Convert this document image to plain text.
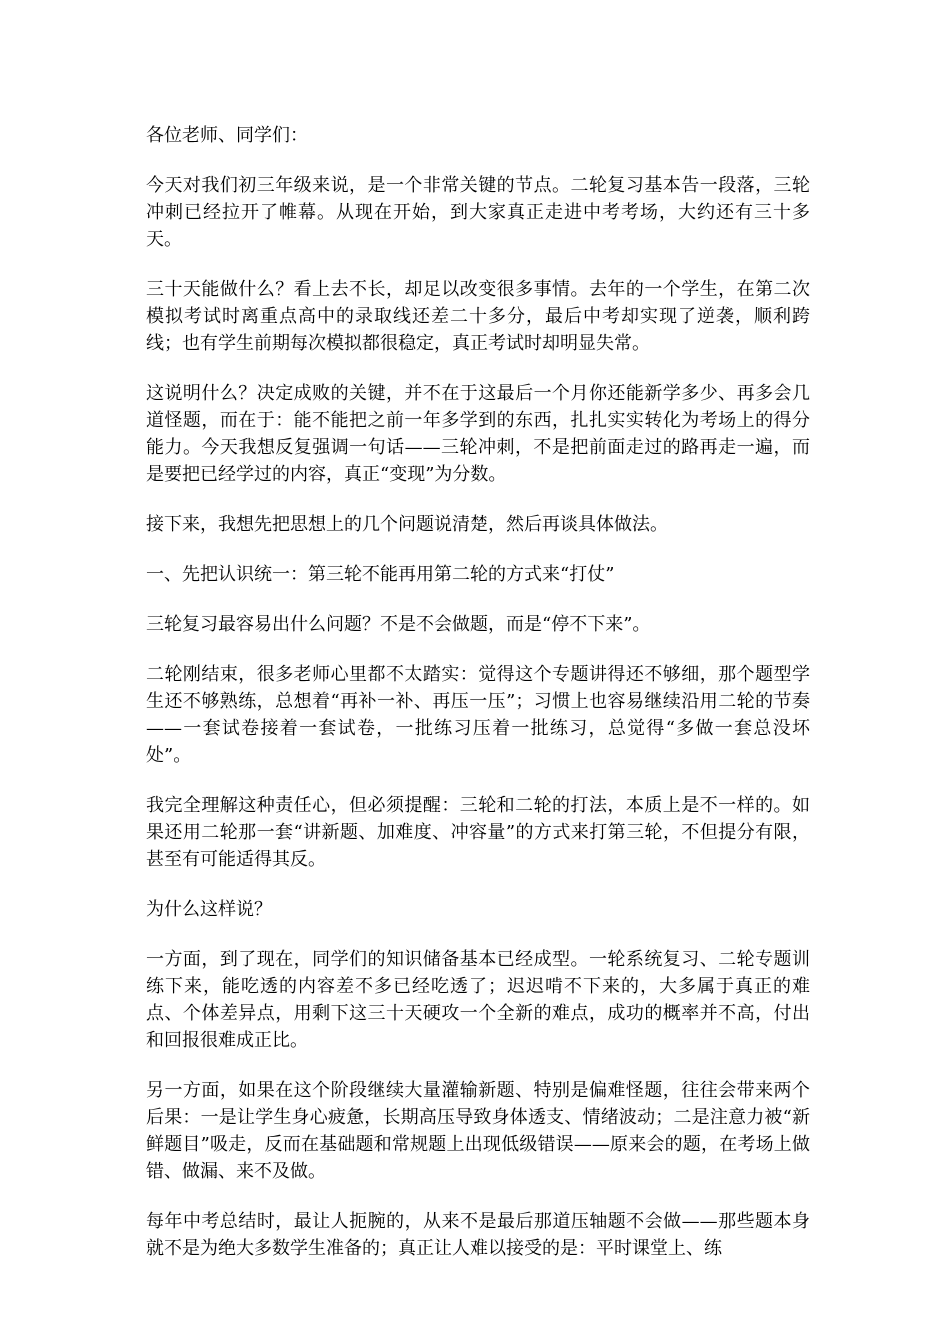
各位老师、同学们：

今天对我们初三年级来说，是一个非常关键的节点。二轮复习基本告一段落，三轮冲刺已经拉开了帷幕。从现在开始，到大家真正走进中考考场，大约还有三十多天。

三十天能做什么？看上去不长，却足以改变很多事情。去年的一个学生，在第二次模拟考试时离重点高中的录取线还差二十多分，最后中考却实现了逆袭，顺利跨线；也有学生前期每次模拟都很稳定，真正考试时却明显失常。

这说明什么？决定成败的关键，并不在于这最后一个月你还能新学多少、再多会几道怪题，而在于：能不能把之前一年多学到的东西，扎扎实实转化为考场上的得分能力。今天我想反复强调一句话——三轮冲刺，不是把前面走过的路再走一遍，而是要把已经学过的内容，真正“变现”为分数。

接下来，我想先把思想上的几个问题说清楚，然后再谈具体做法。

一、先把认识统一：第三轮不能再用第二轮的方式来“打仗”

三轮复习最容易出什么问题？不是不会做题，而是“停不下来”。

二轮刚结束，很多老师心里都不太踏实：觉得这个专题讲得还不够细，那个题型学生还不够熟练，总想着“再补一补、再压一压”；习惯上也容易继续沿用二轮的节奏——一套试卷接着一套试卷，一批练习压着一批练习，总觉得“多做一套总没坏处”。

我完全理解这种责任心，但必须提醒：三轮和二轮的打法，本质上是不一样的。如果还用二轮那一套“讲新题、加难度、冲容量”的方式来打第三轮，不但提分有限，甚至有可能适得其反。

为什么这样说？

一方面，到了现在，同学们的知识储备基本已经成型。一轮系统复习、二轮专题训练下来，能吃透的内容差不多已经吃透了；迟迟啃不下来的，大多属于真正的难点、个体差异点，用剩下这三十天硬攻一个全新的难点，成功的概率并不高，付出和回报很难成正比。

另一方面，如果在这个阶段继续大量灌输新题、特别是偏难怪题，往往会带来两个后果：一是让学生身心疲惫，长期高压导致身体透支、情绪波动；二是注意力被“新鲜题目”吸走，反而在基础题和常规题上出现低级错误——原来会的题，在考场上做错、做漏、来不及做。

每年中考总结时，最让人扼腕的，从来不是最后那道压轴题不会做——那些题本身就不是为绝大多数学生准备的；真正让人难以接受的是：平时课堂上、练
